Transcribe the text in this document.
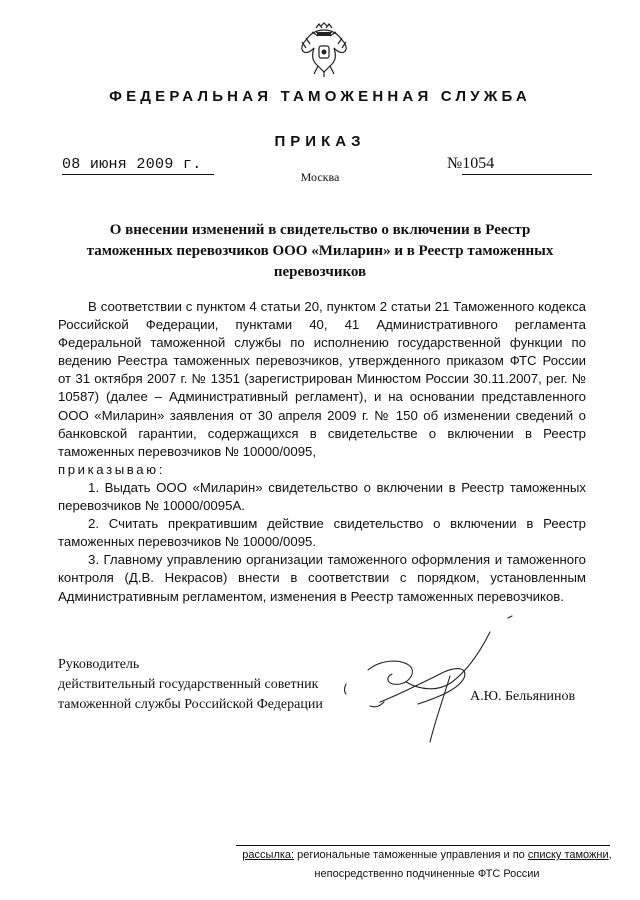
ФЕДЕРАЛЬНАЯ ТАМОЖЕННАЯ СЛУЖБА
ПРИКАЗ
08 июня 2009 г.	№1054
Москва
О внесении изменений в свидетельство о включении в Реестр таможенных перевозчиков ООО «Миларин» и в Реестр таможенных перевозчиков

В соответствии с пунктом 4 статьи 20, пунктом 2 статьи 21 Таможенного кодекса Российской Федерации, пунктами 40, 41 Административного регламента Федеральной таможенной службы по исполнению государственной функции по ведению Реестра таможенных перевозчиков, утвержденного приказом ФТС России от 31 октября 2007 г. № 1351 (зарегистрирован Минюстом России 30.11.2007, рег. № 10587) (далее – Административный регламент), и на основании представленного ООО «Миларин» заявления от 30 апреля 2009 г. № 150 об изменении сведений о банковской гарантии, содержащихся в свидетельстве о включении в Реестр таможенных перевозчиков № 10000/0095,

приказываю:

1. Выдать ООО «Миларин» свидетельство о включении в Реестр таможенных перевозчиков № 10000/0095А.

2. Считать прекратившим действие свидетельство о включении в Реестр таможенных перевозчиков № 10000/0095.

3. Главному управлению организации таможенного оформления и таможенного контроля (Д.В. Некрасов) внести в соответствии с порядком, установленным Административным регламентом, изменения в Реестр таможенных перевозчиков.

Руководитель
действительный государственный советник
таможенной службы Российской Федерации
А.Ю. Бельянинов
рассылка: региональные таможенные управления и по списку таможни,
непосредственно подчиненные ФТС России
